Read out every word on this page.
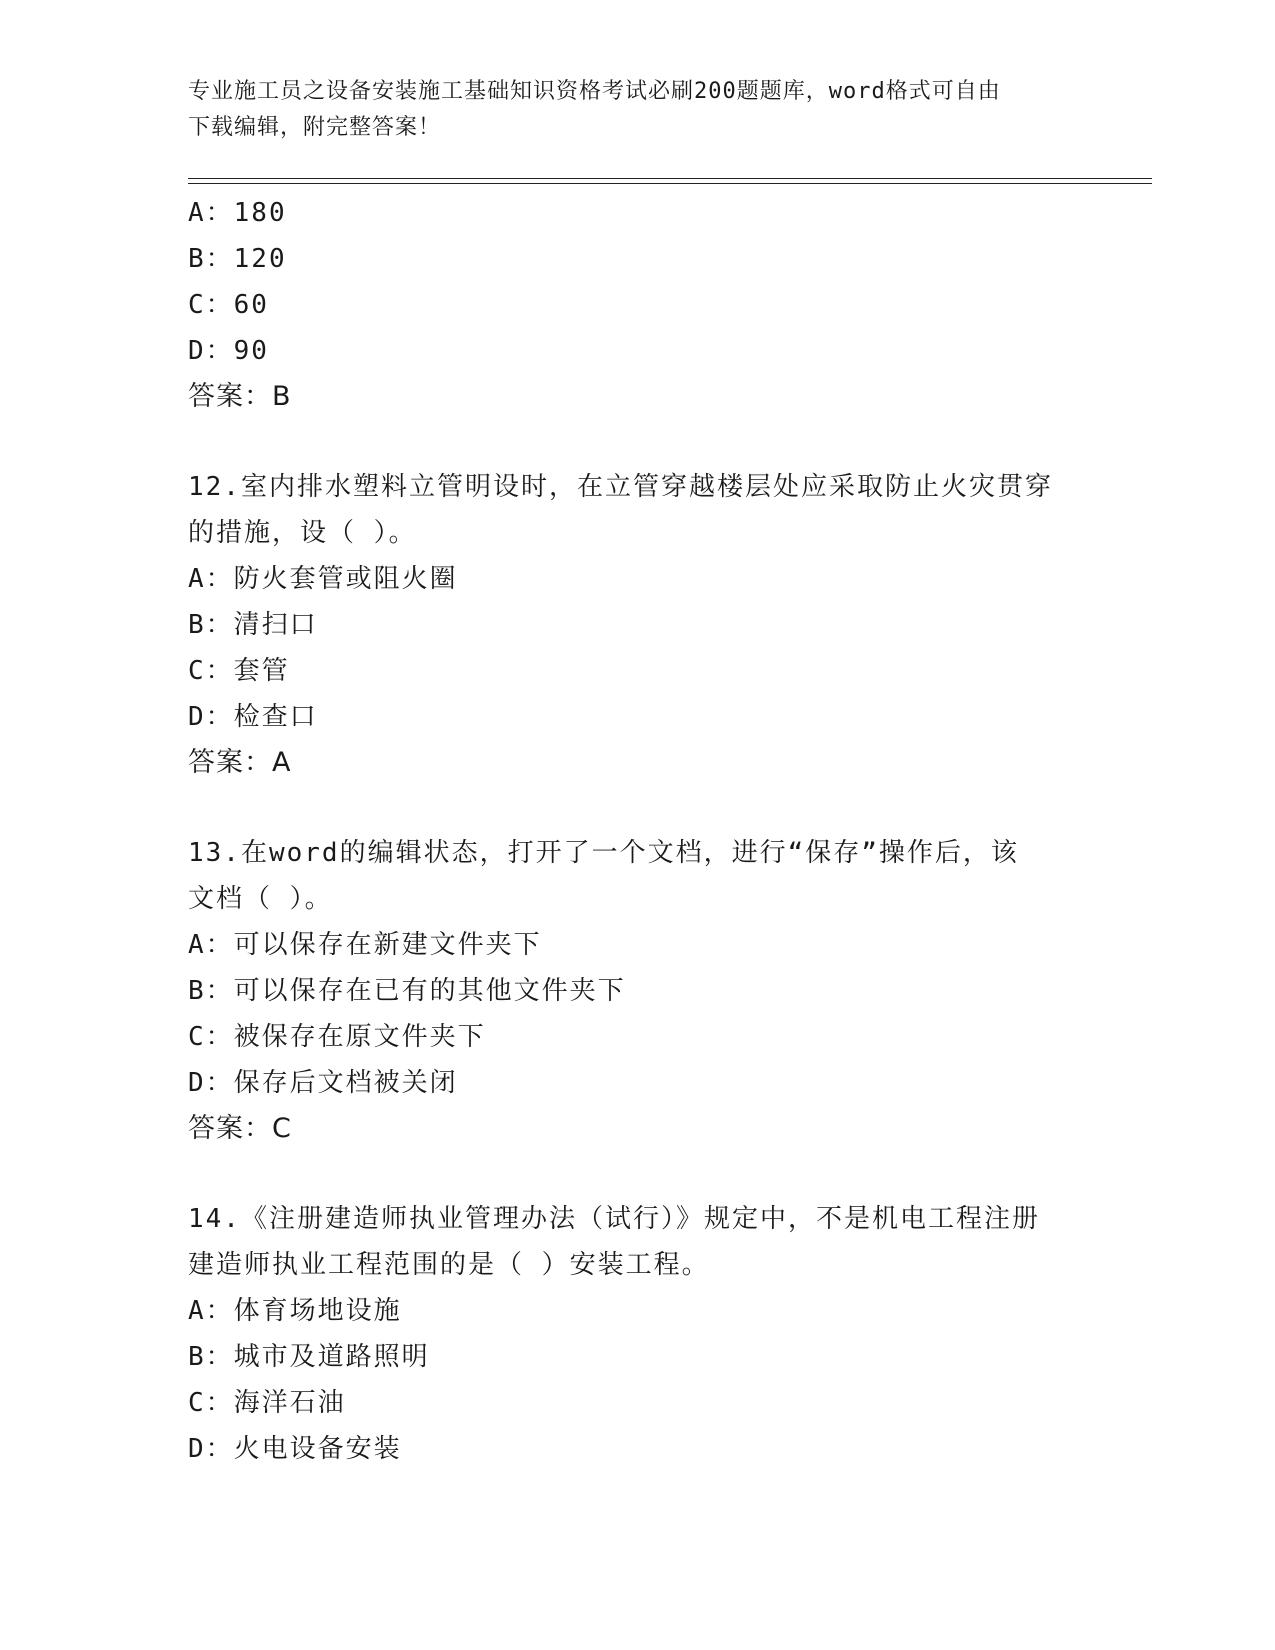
专业施工员之设备安装施工基础知识资格考试必刷200题题库，word格式可自由
下载编辑，附完整答案！
A：180
B：120
C：60
D：90
答案：B
12.室内排水塑料立管明设时，在立管穿越楼层处应采取防止火灾贯穿
的措施，设（ ）。
A：防火套管或阻火圈
B：清扫口
C：套管
D：检查口
答案：A
13.在word的编辑状态，打开了一个文档，进行“保存”操作后，该
文档（ ）。
A：可以保存在新建文件夹下
B：可以保存在已有的其他文件夹下
C：被保存在原文件夹下
D：保存后文档被关闭
答案：C
14.《注册建造师执业管理办法（试行）》规定中，不是机电工程注册
建造师执业工程范围的是（ ）安装工程。
A：体育场地设施
B：城市及道路照明
C：海洋石油
D：火电设备安装
